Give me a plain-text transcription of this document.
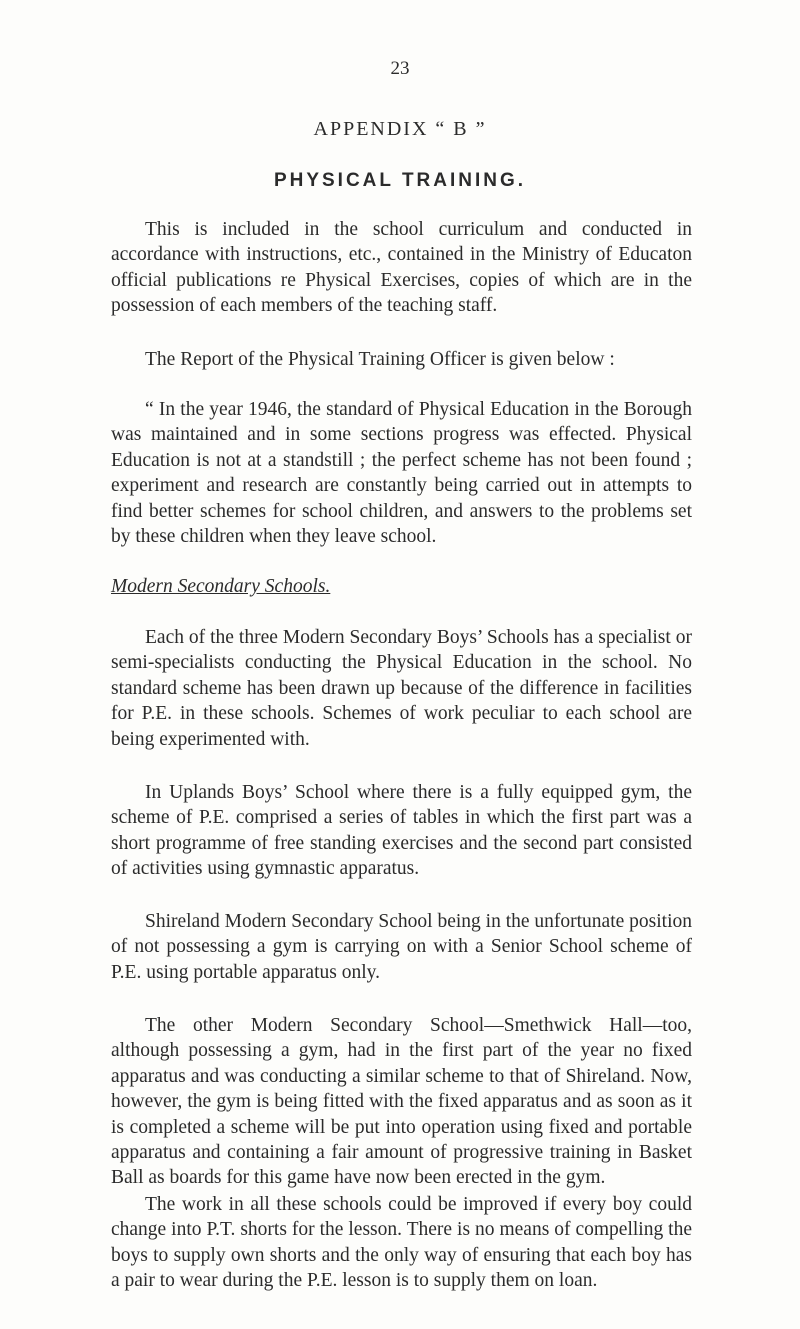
23
APPENDIX “ B ”
PHYSICAL TRAINING.

This is included in the school curriculum and conducted in accordance with instructions, etc., contained in the Ministry of Educaton official publications re Physical Exercises, copies of which are in the possession of each members of the teaching staff.

The Report of the Physical Training Officer is given below :

“ In the year 1946, the standard of Physical Education in the Borough was maintained and in some sections progress was effected. Physical Education is not at a standstill ; the perfect scheme has not been found ; experiment and research are constantly being carried out in attempts to find better schemes for school children, and answers to the problems set by these children when they leave school.

Modern Secondary Schools.

Each of the three Modern Secondary Boys’ Schools has a specialist or semi-specialists conducting the Physical Education in the school. No standard scheme has been drawn up because of the difference in facilities for P.E. in these schools. Schemes of work peculiar to each school are being experimented with.

In Uplands Boys’ School where there is a fully equipped gym, the scheme of P.E. comprised a series of tables in which the first part was a short programme of free standing exercises and the second part consisted of activities using gymnastic apparatus.

Shireland Modern Secondary School being in the unfortunate position of not possessing a gym is carrying on with a Senior School scheme of P.E. using portable apparatus only.

The other Modern Secondary School—Smethwick Hall—too, although possessing a gym, had in the first part of the year no fixed apparatus and was conducting a similar scheme to that of Shireland. Now, however, the gym is being fitted with the fixed apparatus and as soon as it is completed a scheme will be put into operation using fixed and portable apparatus and containing a fair amount of progressive training in Basket Ball as boards for this game have now been erected in the gym.

The work in all these schools could be improved if every boy could change into P.T. shorts for the lesson. There is no means of compelling the boys to supply own shorts and the only way of ensuring that each boy has a pair to wear during the P.E. lesson is to supply them on loan.
